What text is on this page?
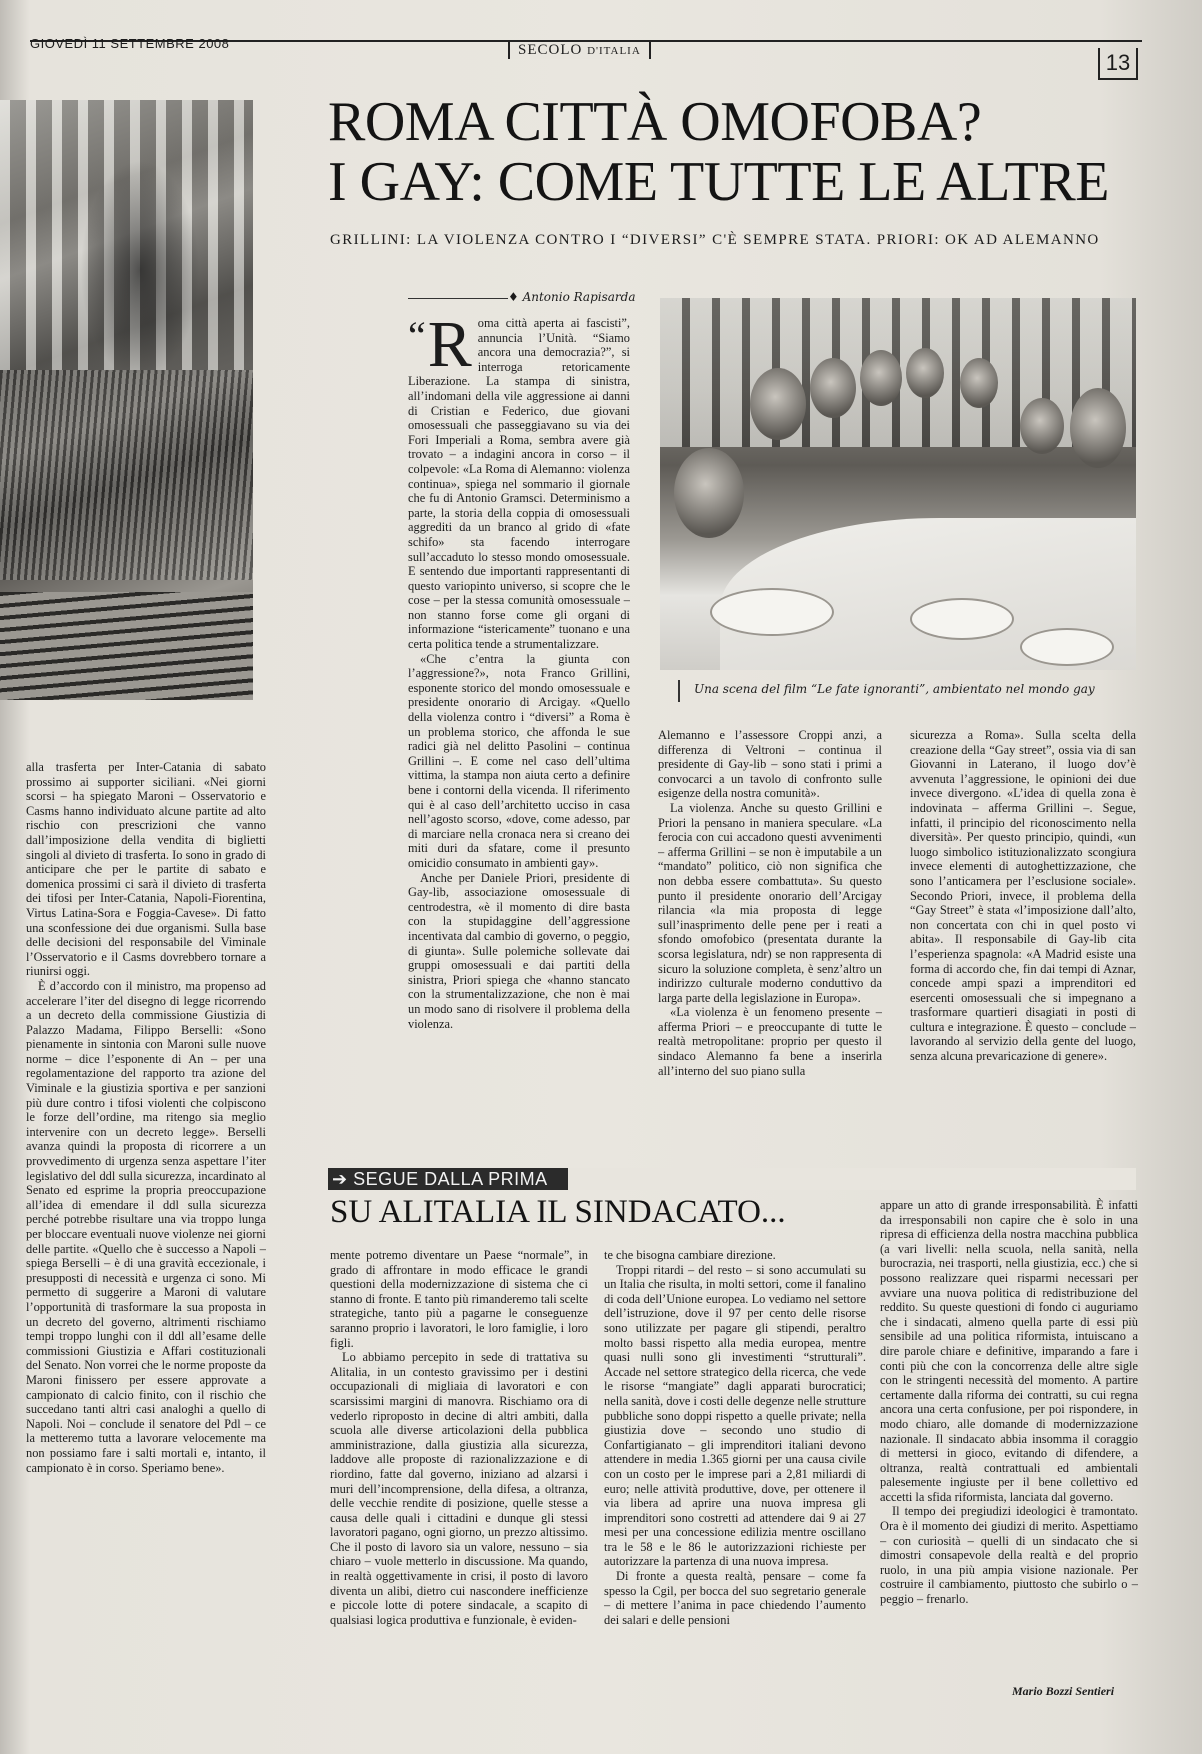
GIOVEDÌ 11 SETTEMBRE 2008	SECOLO D'ITALIA	13
ROMA CITTÀ OMOFOBA?
I GAY: COME TUTTE LE ALTRE
GRILLINI: LA VIOLENZA CONTRO I “DIVERSI” C'È SEMPRE STATA. PRIORI: OK AD ALEMANNO
♦ Antonio Rapisarda
Una scena del film “Le fate ignoranti”, ambientato nel mondo gay

“ R oma città aperta ai fascisti”, annuncia l’Unità. “Siamo ancora una democrazia?”, si interroga retoricamente Liberazione. La stampa di sinistra, all’indomani della vile aggressione ai danni di Cristian e Federico, due giovani omosessuali che passeggiavano su via dei Fori Imperiali a Roma, sembra avere già trovato – a indagini ancora in corso – il colpevole: «La Roma di Alemanno: violenza continua», spiega nel sommario il giornale che fu di Antonio Gramsci. Determinismo a parte, la storia della coppia di omosessuali aggrediti da un branco al grido di «fate schifo» sta facendo interrogare sull’accaduto lo stesso mondo omosessuale. E sentendo due importanti rappresentanti di questo variopinto universo, si scopre che le cose – per la stessa comunità omosessuale – non stanno forse come gli organi di informazione “istericamente” tuonano e una certa politica tende a strumentalizzare.

«Che c’entra la giunta con l’aggressione?», nota Franco Grillini, esponente storico del mondo omosessuale e presidente onorario di Arcigay. «Quello della violenza contro i “diversi” a Roma è un problema storico, che affonda le sue radici già nel delitto Pasolini – continua Grillini –. E come nel caso dell’ultima vittima, la stampa non aiuta certo a definire bene i contorni della vicenda. Il riferimento qui è al caso dell’architetto ucciso in casa nell’agosto scorso, «dove, come adesso, par di marciare nella cronaca nera si creano dei miti duri da sfatare, come il presunto omicidio consumato in ambienti gay».

Anche per Daniele Priori, presidente di Gay-lib, associazione omosessuale di centrodestra, «è il momento di dire basta con la stupidaggine dell’aggressione incentivata dal cambio di governo, o peggio, di giunta». Sulle polemiche sollevate dai gruppi omosessuali e dai partiti della sinistra, Priori spiega che «hanno stancato con la strumentalizzazione, che non è mai un modo sano di risolvere il problema della violenza.

Alemanno e l’assessore Croppi anzi, a differenza di Veltroni – continua il presidente di Gay-lib – sono stati i primi a convocarci a un tavolo di confronto sulle esigenze della nostra comunità».

La violenza. Anche su questo Grillini e Priori la pensano in maniera speculare. «La ferocia con cui accadono questi avvenimenti – afferma Grillini – se non è imputabile a un “mandato” politico, ciò non significa che non debba essere combattuta». Su questo punto il presidente onorario dell’Arcigay rilancia «la mia proposta di legge sull’inasprimento delle pene per i reati a sfondo omofobico (presentata durante la scorsa legislatura, ndr) se non rappresenta di sicuro la soluzione completa, è senz’altro un indirizzo culturale moderno conduttivo da larga parte della legislazione in Europa».

«La violenza è un fenomeno presente – afferma Priori – e preoccupante di tutte le realtà metropolitane: proprio per questo il sindaco Alemanno fa bene a inserirla all’interno del suo piano sulla

sicurezza a Roma». Sulla scelta della creazione della “Gay street”, ossia via di san Giovanni in Laterano, il luogo dov’è avvenuta l’aggressione, le opinioni dei due invece divergono. «L’idea di quella zona è indovinata – afferma Grillini –. Segue, infatti, il principio del riconoscimento nella diversità». Per questo principio, quindi, «un luogo simbolico istituzionalizzato scongiura invece elementi di autoghettizzazione, che sono l’anticamera per l’esclusione sociale». Secondo Priori, invece, il problema della “Gay Street” è stata «l’imposizione dall’alto, non concertata con chi in quel posto vi abita». Il responsabile di Gay-lib cita l’esperienza spagnola: «A Madrid esiste una forma di accordo che, fin dai tempi di Aznar, concede ampi spazi a imprenditori ed esercenti omosessuali che si impegnano a trasformare quartieri disagiati in posti di cultura e integrazione. È questo – conclude – lavorando al servizio della gente del luogo, senza alcuna prevaricazione di genere».

alla trasferta per Inter-Catania di sabato prossimo ai supporter siciliani. «Nei giorni scorsi – ha spiegato Maroni – Osservatorio e Casms hanno individuato alcune partite ad alto rischio con prescrizioni che vanno dall’imposizione della vendita di biglietti singoli al divieto di trasferta. Io sono in grado di anticipare che per le partite di sabato e domenica prossimi ci sarà il divieto di trasferta dei tifosi per Inter-Catania, Napoli-Fiorentina, Virtus Latina-Sora e Foggia-Cavese». Di fatto una sconfessione dei due organismi. Sulla base delle decisioni del responsabile del Viminale l’Osservatorio e il Casms dovrebbero tornare a riunirsi oggi.

È d’accordo con il ministro, ma propenso ad accelerare l’iter del disegno di legge ricorrendo a un decreto della commissione Giustizia di Palazzo Madama, Filippo Berselli: «Sono pienamente in sintonia con Maroni sulle nuove norme – dice l’esponente di An – per una regolamentazione del rapporto tra azione del Viminale e la giustizia sportiva e per sanzioni più dure contro i tifosi violenti che colpiscono le forze dell’ordine, ma ritengo sia meglio intervenire con un decreto legge». Berselli avanza quindi la proposta di ricorrere a un provvedimento di urgenza senza aspettare l’iter legislativo del ddl sulla sicurezza, incardinato al Senato ed esprime la propria preoccupazione all’idea di emendare il ddl sulla sicurezza perché potrebbe risultare una via troppo lunga per bloccare eventuali nuove violenze nei giorni delle partite. «Quello che è successo a Napoli – spiega Berselli – è di una gravità eccezionale, i presupposti di necessità e urgenza ci sono. Mi permetto di suggerire a Maroni di valutare l’opportunità di trasformare la sua proposta in un decreto del governo, altrimenti rischiamo tempi troppo lunghi con il ddl all’esame delle commissioni Giustizia e Affari costituzionali del Senato. Non vorrei che le norme proposte da Maroni finissero per essere approvate a campionato di calcio finito, con il rischio che succedano tanti altri casi analoghi a quello di Napoli. Noi – conclude il senatore del Pdl – ce la metteremo tutta a lavorare velocemente ma non possiamo fare i salti mortali e, intanto, il campionato è in corso. Speriamo bene».

➔ SEGUE DALLA PRIMA
SU ALITALIA IL SINDACATO...

mente potremo diventare un Paese “normale”, in grado di affrontare in modo efficace le grandi questioni della modernizzazione di sistema che ci stanno di fronte. E tanto più rimanderemo tali scelte strategiche, tanto più a pagarne le conseguenze saranno proprio i lavoratori, le loro famiglie, i loro figli.

Lo abbiamo percepito in sede di trattativa su Alitalia, in un contesto gravissimo per i destini occupazionali di migliaia di lavoratori e con scarsissimi margini di manovra. Rischiamo ora di vederlo riproposto in decine di altri ambiti, dalla scuola alle diverse articolazioni della pubblica amministrazione, dalla giustizia alla sicurezza, laddove alle proposte di razionalizzazione e di riordino, fatte dal governo, iniziano ad alzarsi i muri dell’incomprensione, della difesa, a oltranza, delle vecchie rendite di posizione, quelle stesse a causa delle quali i cittadini e dunque gli stessi lavoratori pagano, ogni giorno, un prezzo altissimo. Che il posto di lavoro sia un valore, nessuno – sia chiaro – vuole metterlo in discussione. Ma quando, in realtà oggettivamente in crisi, il posto di lavoro diventa un alibi, dietro cui nascondere inefficienze e piccole lotte di potere sindacale, a scapito di qualsiasi logica produttiva e funzionale, è eviden-

te che bisogna cambiare direzione.

Troppi ritardi – del resto – si sono accumulati su un Italia che risulta, in molti settori, come il fanalino di coda dell’Unione europea. Lo vediamo nel settore dell’istruzione, dove il 97 per cento delle risorse sono utilizzate per pagare gli stipendi, peraltro molto bassi rispetto alla media europea, mentre quasi nulli sono gli investimenti “strutturali”. Accade nel settore strategico della ricerca, che vede le risorse “mangiate” dagli apparati burocratici; nella sanità, dove i costi delle degenze nelle strutture pubbliche sono doppi rispetto a quelle private; nella giustizia dove – secondo uno studio di Confartigianato – gli imprenditori italiani devono attendere in media 1.365 giorni per una causa civile con un costo per le imprese pari a 2,81 miliardi di euro; nelle attività produttive, dove, per ottenere il via libera ad aprire una nuova impresa gli imprenditori sono costretti ad attendere dai 9 ai 27 mesi per una concessione edilizia mentre oscillano tra le 58 e le 86 le autorizzazioni richieste per autorizzare la partenza di una nuova impresa.

Di fronte a questa realtà, pensare – come fa spesso la Cgil, per bocca del suo segretario generale – di mettere l’anima in pace chiedendo l’aumento dei salari e delle pensioni

appare un atto di grande irresponsabilità. È infatti da irresponsabili non capire che è solo in una ripresa di efficienza della nostra macchina pubblica (a vari livelli: nella scuola, nella sanità, nella burocrazia, nei trasporti, nella giustizia, ecc.) che si possono realizzare quei risparmi necessari per avviare una nuova politica di redistribuzione del reddito. Su queste questioni di fondo ci auguriamo che i sindacati, almeno quella parte di essi più sensibile ad una politica riformista, intuiscano a dire parole chiare e definitive, imparando a fare i conti più che con la concorrenza delle altre sigle con le stringenti necessità del momento. A partire certamente dalla riforma dei contratti, su cui regna ancora una certa confusione, per poi rispondere, in modo chiaro, alle domande di modernizzazione nazionale. Il sindacato abbia insomma il coraggio di mettersi in gioco, evitando di difendere, a oltranza, realtà contrattuali ed ambientali palesemente ingiuste per il bene collettivo ed accetti la sfida riformista, lanciata dal governo.

Il tempo dei pregiudizi ideologici è tramontato. Ora è il momento dei giudizi di merito. Aspettiamo – con curiosità – quelli di un sindacato che si dimostri consapevole della realtà e del proprio ruolo, in una più ampia visione nazionale. Per costruire il cambiamento, piuttosto che subirlo o – peggio – frenarlo.

Mario Bozzi Sentieri
